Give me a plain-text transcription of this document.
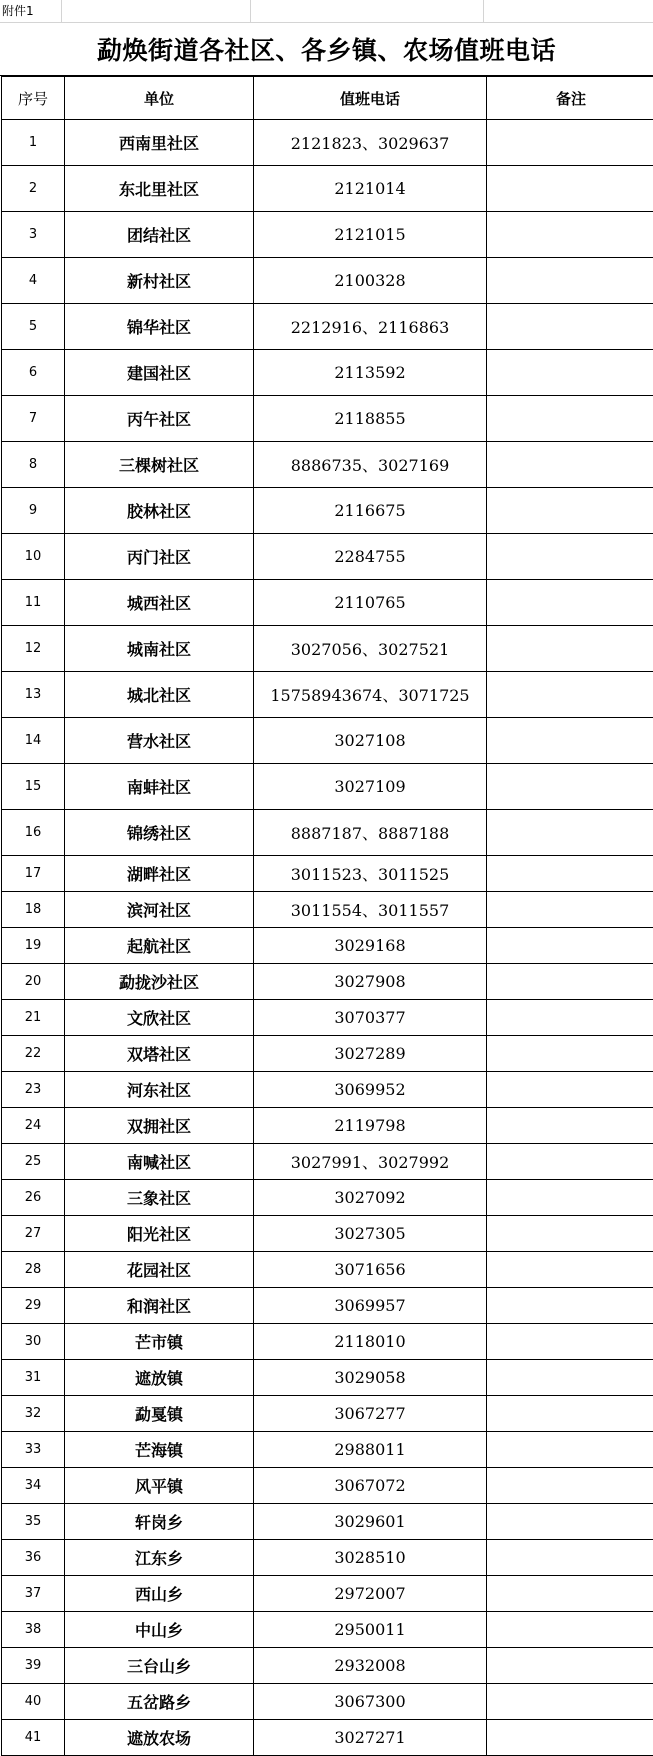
附件1
勐焕街道各社区、各乡镇、农场值班电话
序号	单位	值班电话	备注
1	西南里社区	2121823、3029637	
2	东北里社区	2121014	
3	团结社区	2121015	
4	新村社区	2100328	
5	锦华社区	2212916、2116863	
6	建国社区	2113592	
7	丙午社区	2118855	
8	三棵树社区	8886735、3027169	
9	胶林社区	2116675	
10	丙门社区	2284755	
11	城西社区	2110765	
12	城南社区	3027056、3027521	
13	城北社区	15758943674、3071725	
14	营水社区	3027108	
15	南蚌社区	3027109	
16	锦绣社区	8887187、8887188	
17	湖畔社区	3011523、3011525	
18	滨河社区	3011554、3011557	
19	起航社区	3029168	
20	勐拢沙社区	3027908	
21	文欣社区	3070377	
22	双塔社区	3027289	
23	河东社区	3069952	
24	双拥社区	2119798	
25	南喊社区	3027991、3027992	
26	三象社区	3027092	
27	阳光社区	3027305	
28	花园社区	3071656	
29	和润社区	3069957	
30	芒市镇	2118010	
31	遮放镇	3029058	
32	勐戛镇	3067277	
33	芒海镇	2988011	
34	风平镇	3067072	
35	轩岗乡	3029601	
36	江东乡	3028510	
37	西山乡	2972007	
38	中山乡	2950011	
39	三台山乡	2932008	
40	五岔路乡	3067300	
41	遮放农场	3027271	
